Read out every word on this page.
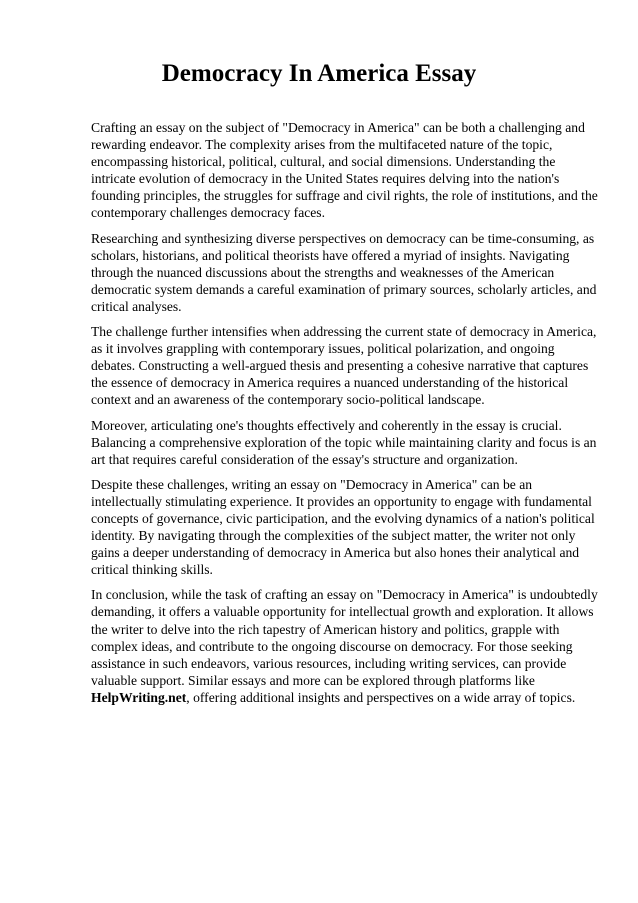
Democracy In America Essay

Crafting an essay on the subject of "Democracy in America" can be both a challenging and rewarding endeavor. The complexity arises from the multifaceted nature of the topic, encompassing historical, political, cultural, and social dimensions. Understanding the intricate evolution of democracy in the United States requires delving into the nation's founding principles, the struggles for suffrage and civil rights, the role of institutions, and the contemporary challenges democracy faces.

Researching and synthesizing diverse perspectives on democracy can be time-consuming, as scholars, historians, and political theorists have offered a myriad of insights. Navigating through the nuanced discussions about the strengths and weaknesses of the American democratic system demands a careful examination of primary sources, scholarly articles, and critical analyses.

The challenge further intensifies when addressing the current state of democracy in America, as it involves grappling with contemporary issues, political polarization, and ongoing debates. Constructing a well-argued thesis and presenting a cohesive narrative that captures the essence of democracy in America requires a nuanced understanding of the historical context and an awareness of the contemporary socio-political landscape.

Moreover, articulating one's thoughts effectively and coherently in the essay is crucial. Balancing a comprehensive exploration of the topic while maintaining clarity and focus is an art that requires careful consideration of the essay's structure and organization.

Despite these challenges, writing an essay on "Democracy in America" can be an intellectually stimulating experience. It provides an opportunity to engage with fundamental concepts of governance, civic participation, and the evolving dynamics of a nation's political identity. By navigating through the complexities of the subject matter, the writer not only gains a deeper understanding of democracy in America but also hones their analytical and critical thinking skills.

In conclusion, while the task of crafting an essay on "Democracy in America" is undoubtedly demanding, it offers a valuable opportunity for intellectual growth and exploration. It allows the writer to delve into the rich tapestry of American history and politics, grapple with complex ideas, and contribute to the ongoing discourse on democracy. For those seeking assistance in such endeavors, various resources, including writing services, can provide valuable support. Similar essays and more can be explored through platforms like HelpWriting.net, offering additional insights and perspectives on a wide array of topics.
